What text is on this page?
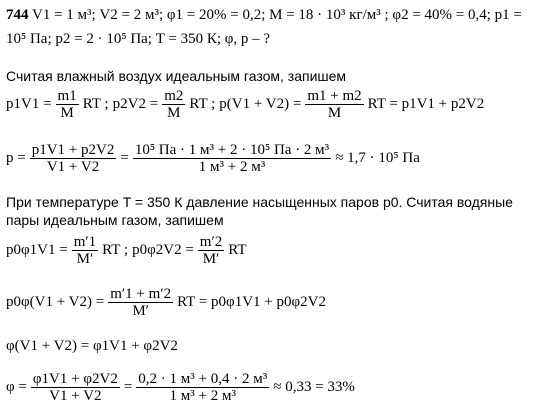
744 V1 = 1 м³; V2 = 2 м³; φ1 = 20% = 0,2; M = 18 · 10³ кг/м³ ; φ2 = 40% = 0,4; p1 =
10⁵ Па; p2 = 2 · 10⁵ Па; T = 350 К; φ, p – ?
Считая влажный воздух идеальным газом, запишем
$p1V1 = \frac{m1}{M}$ RT ; $p2V2 = \frac{m2}{M}$ RT ; $p(V1 + V2) = \frac{m1 + m2}{M}$ RT = p1V1 + p2V2
$p = \frac{p1V1 + p2V2}{V1 + V2} = \frac{\text{10⁵ Па · 1 м³ + 2 · 10⁵ Па · 2 м³}}{\text{1 м³ + 2 м³}} \approx 1,7 \cdot 10^5$ Па
При температуре T = 350 К давление насыщенных паров p0. Считая водяные
пары идеальным газом, запишем
$p0\varphi 1V1 = \frac{m'1}{M'}$ RT ; $p0\varphi 2V2 = \frac{m'2}{M'}$ RT
$p0\varphi(V1 + V2) = \frac{m'1 + m'2}{M'}$ RT = p0φ1V1 + p0φ2V2
φ(V1 + V2) = φ1V1 + φ2V2
$\varphi = \frac{\varphi 1V1 + \varphi 2V2}{V1 + V2} = \frac{\text{0,2 · 1 м³ + 0,4 · 2 м³}}{\text{1 м³ + 2 м³}} \approx 0,33 = 33\%$
